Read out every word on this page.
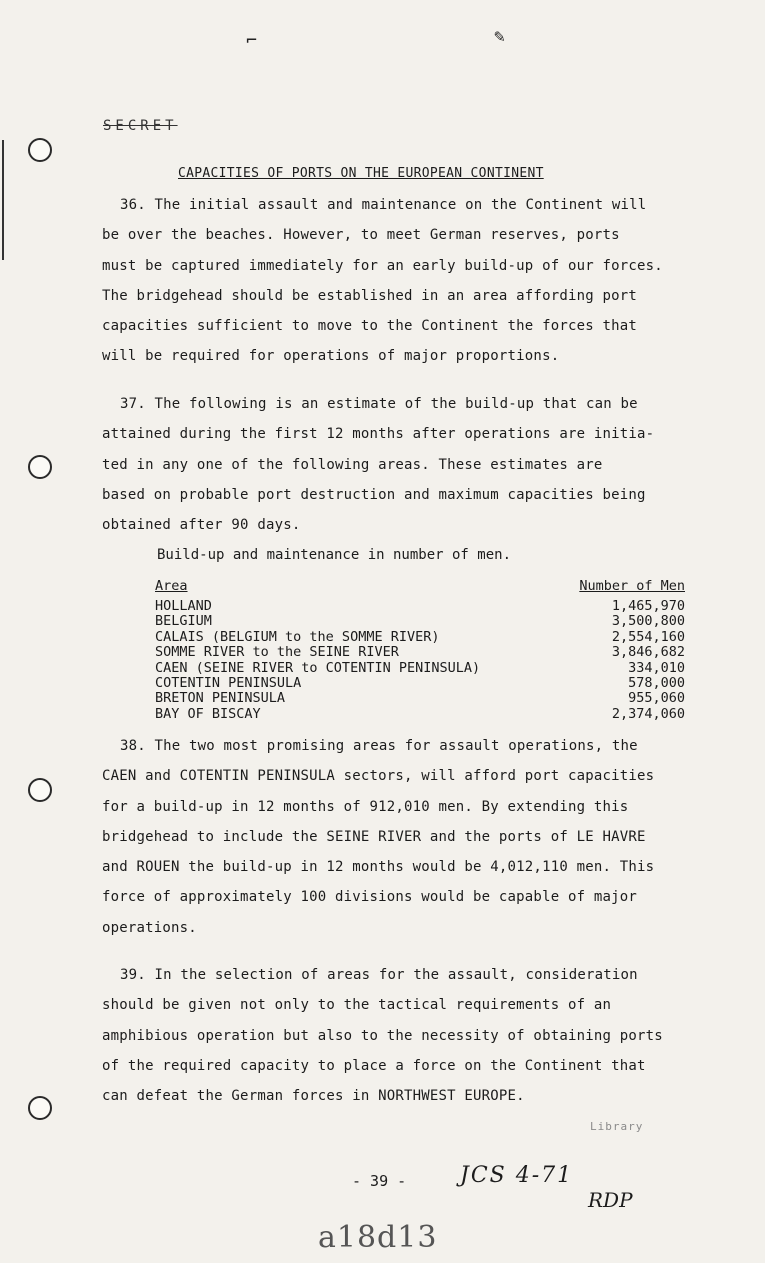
⌐	✎
SECRET
CAPACITIES OF PORTS ON THE EUROPEAN CONTINENT
36. The initial assault and maintenance on the Continent will
be over the beaches. However, to meet German reserves, ports
must be captured immediately for an early build-up of our forces.
The bridgehead should be established in an area affording port
capacities sufficient to move to the Continent the forces that
will be required for operations of major proportions.
37. The following is an estimate of the build-up that can be
attained during the first 12 months after operations are initia-
ted in any one of the following areas. These estimates are
based on probable port destruction and maximum capacities being
obtained after 90 days.
Build-up and maintenance in number of men.
Area	Number of Men
HOLLAND	1,465,970
BELGIUM	3,500,800
CALAIS (BELGIUM to the SOMME RIVER)	2,554,160
SOMME RIVER to the SEINE RIVER	3,846,682
CAEN (SEINE RIVER to COTENTIN PENINSULA)	334,010
COTENTIN PENINSULA	578,000
BRETON PENINSULA	955,060
BAY OF BISCAY	2,374,060
38. The two most promising areas for assault operations, the
CAEN and COTENTIN PENINSULA sectors, will afford port capacities
for a build-up in 12 months of 912,010 men. By extending this
bridgehead to include the SEINE RIVER and the ports of LE HAVRE
and ROUEN the build-up in 12 months would be 4,012,110 men. This
force of approximately 100 divisions would be capable of major
operations.
39. In the selection of areas for the assault, consideration
should be given not only to the tactical requirements of an
amphibious operation but also to the necessity of obtaining ports
of the required capacity to place a force on the Continent that
can defeat the German forces in NORTHWEST EUROPE.
Library
- 39 - JCS 4-71
RDP
a18d13
